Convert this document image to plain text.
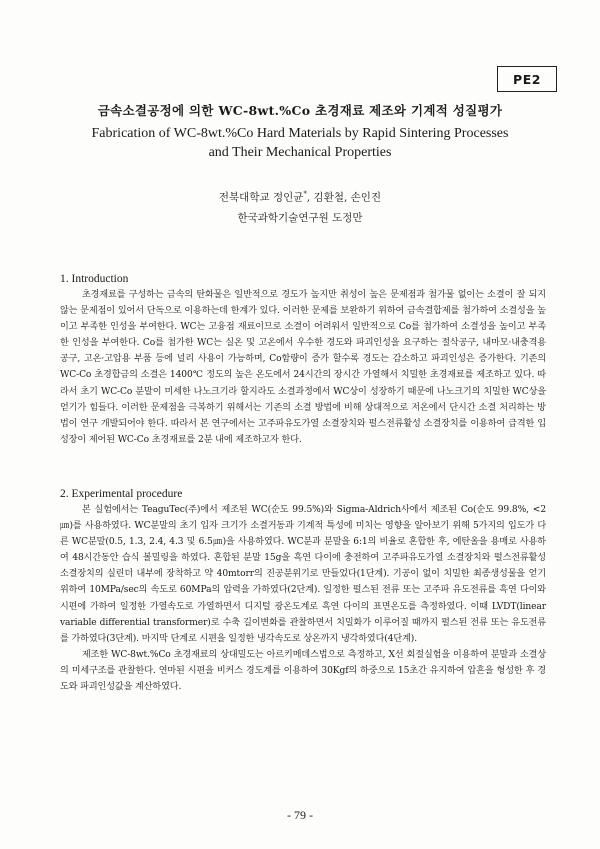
PE2
금속소결공정에 의한 WC-8wt.%Co 초경재료 제조와 기계적 성질평가
Fabrication of WC-8wt.%Co Hard Materials by Rapid Sintering Processes
and Their Mechanical Properties
전북대학교 정인균*, 김환철, 손인진
한국과학기술연구원 도정만
1. Introduction

초경재료를 구성하는 금속의 탄화물은 일반적으로 경도가 높지만 취성이 높은 문제점과 첨가물 없이는 소결이 잘 되지 않는 문제점이 있어서 단독으로 이용하는데 한계가 있다. 이러한 문제를 보완하기 위하여 금속결합제를 첨가하여 소결성을 높이고 부족한 인성을 부여한다. WC는 고융점 재료이므로 소결이 어려워서 일반적으로 Co를 첨가하여 소결성을 높이고 부족한 인성을 부여한다. Co를 첨가한 WC는 실온 및 고온에서 우수한 경도와 파괴인성을 요구하는 절삭공구, 내마모·내충격용 공구, 고온·고압용 부품 등에 널리 사용이 가능하며, Co함량이 증가 할수록 경도는 감소하고 파괴인성은 증가한다. 기존의 WC-Co 초경합금의 소결은 1400℃ 정도의 높은 온도에서 24시간의 장시간 가열해서 치밀한 초경재료를 제조하고 있다. 따라서 초기 WC-Co 분말이 미세한 나노크기라 할지라도 소결과정에서 WC상이 성장하기 때문에 나노크기의 치밀한 WC상을 얻기가 힘들다. 이러한 문제점을 극복하기 위해서는 기존의 소결 방법에 비해 상대적으로 저온에서 단시간 소결 처리하는 방법이 연구 개발되어야 한다. 따라서 본 연구에서는 고주파유도가열 소결장치와 펄스전류활성 소결장치를 이용하여 급격한 입성장이 제어된 WC-Co 초경재료를 2분 내에 제조하고자 한다.

2. Experimental procedure

본 실험에서는 TeaguTec(주)에서 제조된 WC(순도 99.5%)와 Sigma-Aldrich사에서 제조된 Co(순도 99.8%, <2㎛)를 사용하였다. WC분말의 초기 입자 크기가 소결거동과 기계적 특성에 미치는 영향을 알아보기 위해 5가지의 입도가 다른 WC분말(0.5, 1.3, 2.4, 4.3 및 6.5㎛)을 사용하였다. WC분과 분말을 6:1의 비율로 혼합한 후, 에탄올을 용매로 사용하여 48시간동안 습식 볼밀링을 하였다. 혼합된 분말 15g을 흑연 다이에 충전하여 고주파유도가열 소결장치와 펄스전류활성 소결장치의 실린더 내부에 장착하고 약 40mtorr의 진공분위기로 만들었다(1단계). 기공이 없이 치밀한 최종생성물을 얻기 위하여 10MPa/sec의 속도로 60MPa의 압력을 가하였다(2단계). 일정한 펄스된 전류 또는 고주파 유도전류를 흑연 다이와 시편에 가하여 일정한 가열속도로 가열하면서 디지털 광온도계로 흑연 다이의 표면온도를 측정하였다. 이때 LVDT(linear variable differential transformer)로 수축 길이변화를 관찰하면서 치밀화가 이루어질 때까지 펄스된 전류 또는 유도전류를 가하였다(3단계). 마지막 단계로 시편을 일정한 냉각속도로 상온까지 냉각하였다(4단계).

제조한 WC-8wt.%Co 초경재료의 상대밀도는 아르키메데스법으로 측정하고, X선 회절실험을 이용하여 분말과 소결상의 미세구조를 관찰한다. 연마된 시편을 비커스 경도계를 이용하여 30Kgf의 하중으로 15초간 유지하여 압흔을 형성한 후 경도와 파괴인성값을 계산하였다.

- 79 -
